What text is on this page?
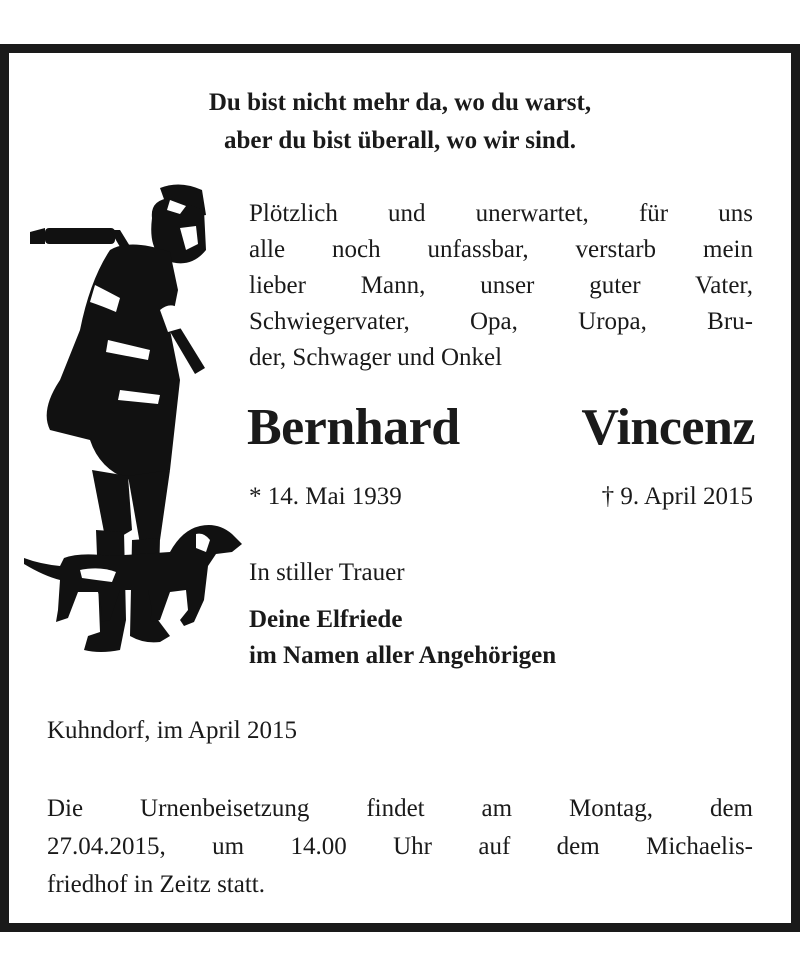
Du bist nicht mehr da, wo du warst,
aber du bist überall, wo wir sind.
Plötzlich und unerwartet, für uns
alle noch unfassbar, verstarb mein
lieber Mann, unser guter Vater,
Schwiegervater, Opa, Uropa, Bru-
der, Schwager und Onkel
Bernhard Vincenz
* 14. Mai 1939	† 9. April 2015
In stiller Trauer
Deine Elfriede
im Namen aller Angehörigen
Kuhndorf, im April 2015
Die Urnenbeisetzung findet am Montag, dem
27.04.2015, um 14.00 Uhr auf dem Michaelis-
friedhof in Zeitz statt.
